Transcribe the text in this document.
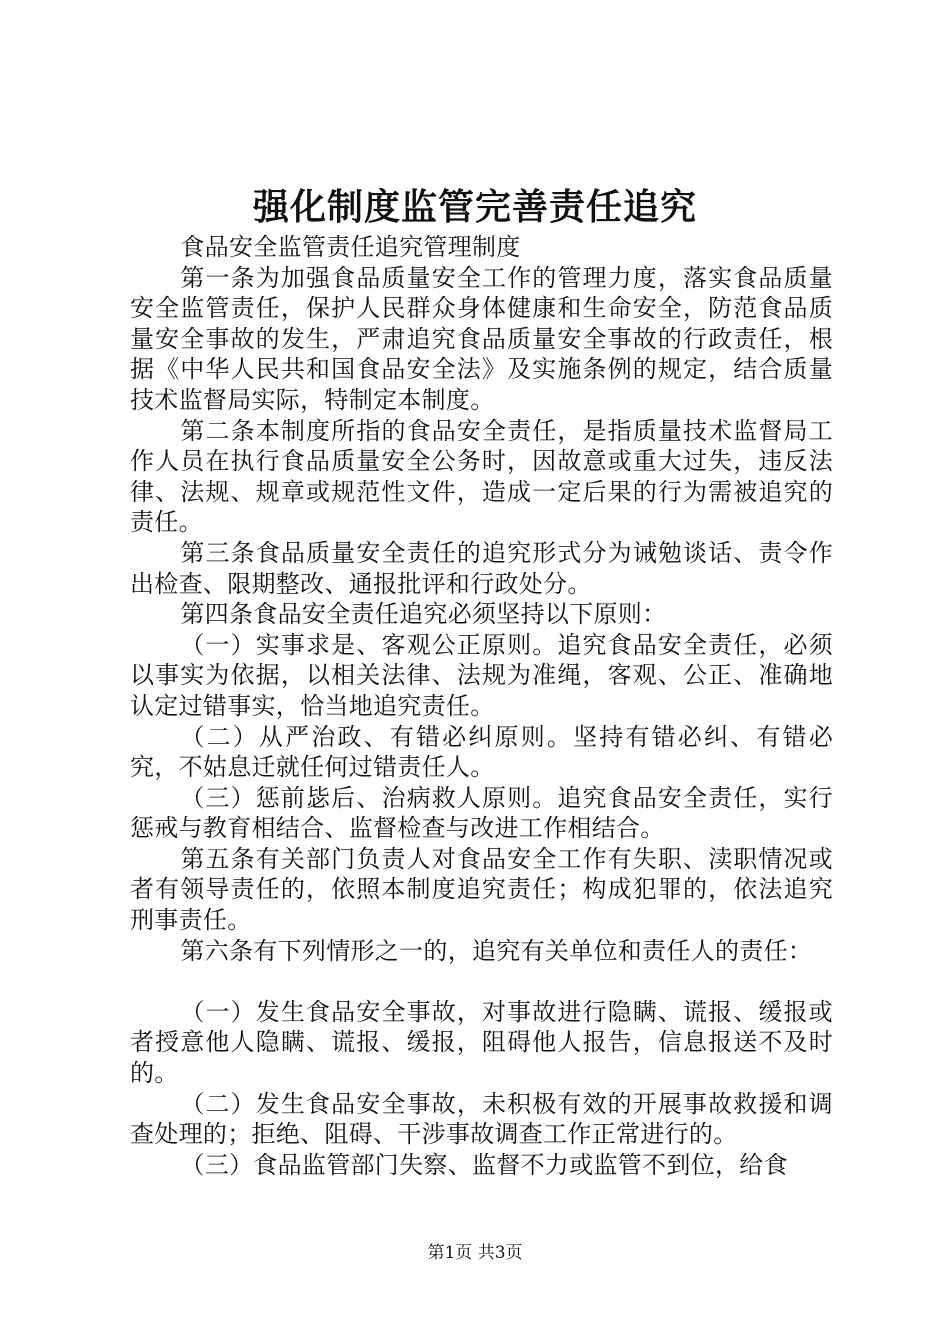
强化制度监管完善责任追究

食品安全监管责任追究管理制度

第一条为加强食品质量安全工作的管理力度，落实食品质量安全监管责任，保护人民群众身体健康和生命安全，防范食品质量安全事故的发生，严肃追究食品质量安全事故的行政责任，根据《中华人民共和国食品安全法》及实施条例的规定，结合质量技术监督局实际，特制定本制度。

第二条本制度所指的食品安全责任，是指质量技术监督局工作人员在执行食品质量安全公务时，因故意或重大过失，违反法律、法规、规章或规范性文件，造成一定后果的行为需被追究的责任。

第三条食品质量安全责任的追究形式分为诫勉谈话、责令作出检查、限期整改、通报批评和行政处分。

第四条食品安全责任追究必须坚持以下原则：

（一）实事求是、客观公正原则。追究食品安全责任，必须以事实为依据，以相关法律、法规为准绳，客观、公正、准确地认定过错事实，恰当地追究责任。

（二）从严治政、有错必纠原则。坚持有错必纠、有错必究，不姑息迁就任何过错责任人。

（三）惩前毖后、治病救人原则。追究食品安全责任，实行惩戒与教育相结合、监督检查与改进工作相结合。

第五条有关部门负责人对食品安全工作有失职、渎职情况或者有领导责任的，依照本制度追究责任；构成犯罪的，依法追究刑事责任。

第六条有下列情形之一的，追究有关单位和责任人的责任：

（一）发生食品安全事故，对事故进行隐瞒、谎报、缓报或者授意他人隐瞒、谎报、缓报，阻碍他人报告，信息报送不及时的。

（二）发生食品安全事故，未积极有效的开展事故救援和调查处理的；拒绝、阻碍、干涉事故调查工作正常进行的。

（三）食品监管部门失察、监督不力或监管不到位，给食

第1页 共3页
